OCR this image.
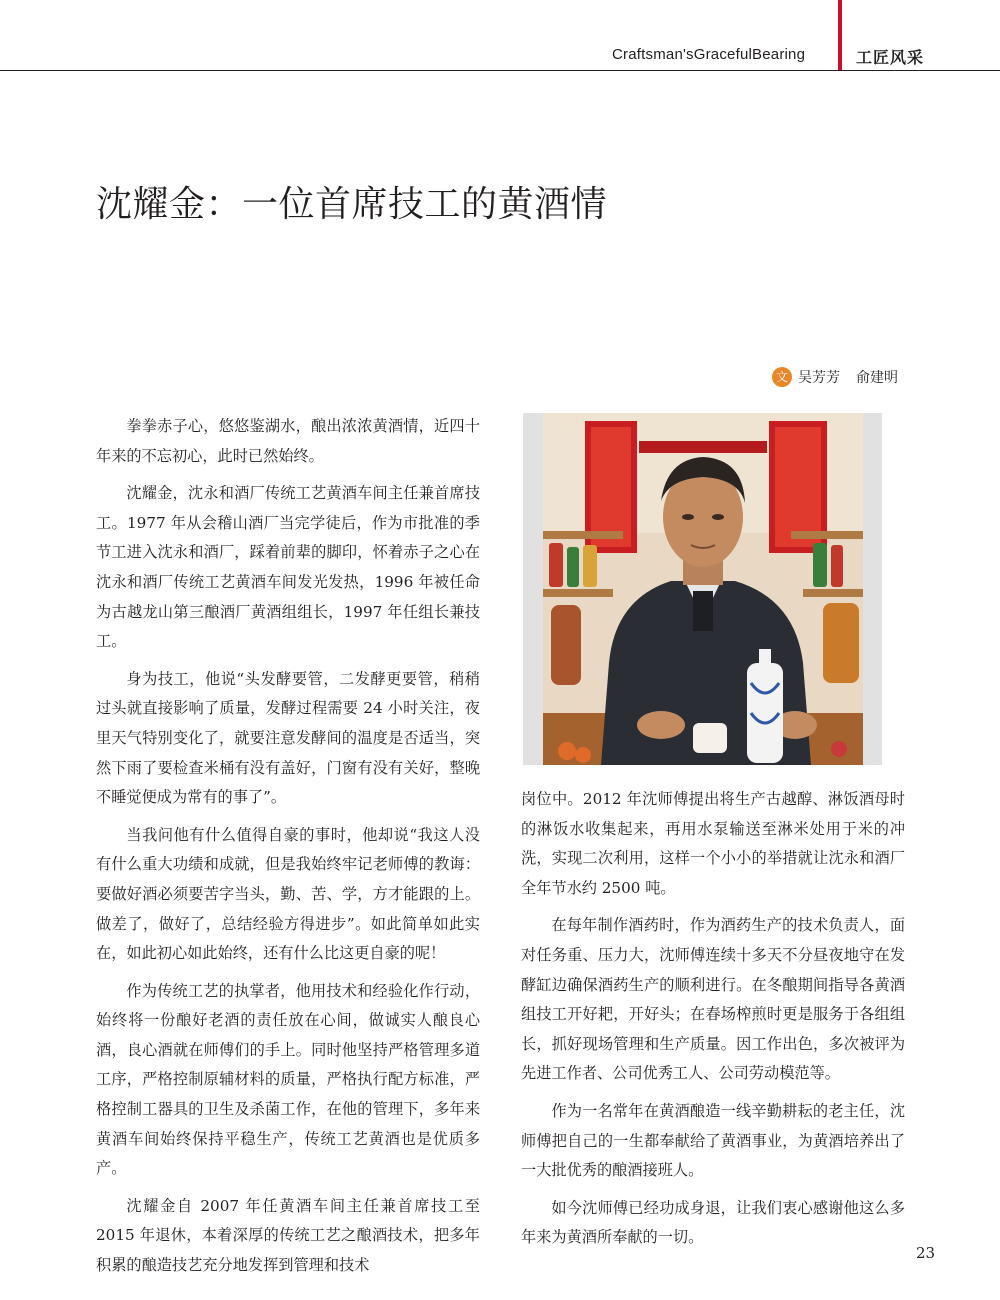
Craftsman'sGracefulBearing	工匠风采
沈耀金：一位首席技工的黄酒情
文 吴芳芳 俞建明

拳拳赤子心，悠悠鉴湖水，酿出浓浓黄酒情，近四十年来的不忘初心，此时已然始终。

沈耀金，沈永和酒厂传统工艺黄酒车间主任兼首席技工。1977 年从会稽山酒厂当完学徒后，作为市批准的季节工进入沈永和酒厂，踩着前辈的脚印，怀着赤子之心在沈永和酒厂传统工艺黄酒车间发光发热，1996 年被任命为古越龙山第三酿酒厂黄酒组组长，1997 年任组长兼技工。

身为技工，他说“头发酵要管，二发酵更要管，稍稍过头就直接影响了质量，发酵过程需要 24 小时关注，夜里天气特别变化了，就要注意发酵间的温度是否适当，突然下雨了要检查米桶有没有盖好，门窗有没有关好，整晚不睡觉便成为常有的事了”。

当我问他有什么值得自豪的事时，他却说“我这人没有什么重大功绩和成就，但是我始终牢记老师傅的教诲：要做好酒必须要苦字当头，勤、苦、学，方才能跟的上。做差了，做好了，总结经验方得进步”。如此简单如此实在，如此初心如此始终，还有什么比这更自豪的呢！

作为传统工艺的执掌者，他用技术和经验化作行动，始终将一份酿好老酒的责任放在心间，做诚实人酿良心酒，良心酒就在师傅们的手上。同时他坚持严格管理多道工序，严格控制原辅材料的质量，严格执行配方标准，严格控制工器具的卫生及杀菌工作，在他的管理下，多年来黄酒车间始终保持平稳生产，传统工艺黄酒也是优质多产。

沈耀金自 2007 年任黄酒车间主任兼首席技工至 2015 年退休，本着深厚的传统工艺之酿酒技术，把多年积累的酿造技艺充分地发挥到管理和技术

岗位中。2012 年沈师傅提出将生产古越醇、淋饭酒母时的淋饭水收集起来，再用水泵输送至淋米处用于米的冲洗，实现二次利用，这样一个小小的举措就让沈永和酒厂全年节水约 2500 吨。

在每年制作酒药时，作为酒药生产的技术负责人，面对任务重、压力大，沈师傅连续十多天不分昼夜地守在发酵缸边确保酒药生产的顺利进行。在冬酿期间指导各黄酒组技工开好耙，开好头；在春场榨煎时更是服务于各组组长，抓好现场管理和生产质量。因工作出色，多次被评为先进工作者、公司优秀工人、公司劳动模范等。

作为一名常年在黄酒酿造一线辛勤耕耘的老主任，沈师傅把自己的一生都奉献给了黄酒事业，为黄酒培养出了一大批优秀的酿酒接班人。

如今沈师傅已经功成身退，让我们衷心感谢他这么多年来为黄酒所奉献的一切。

23
